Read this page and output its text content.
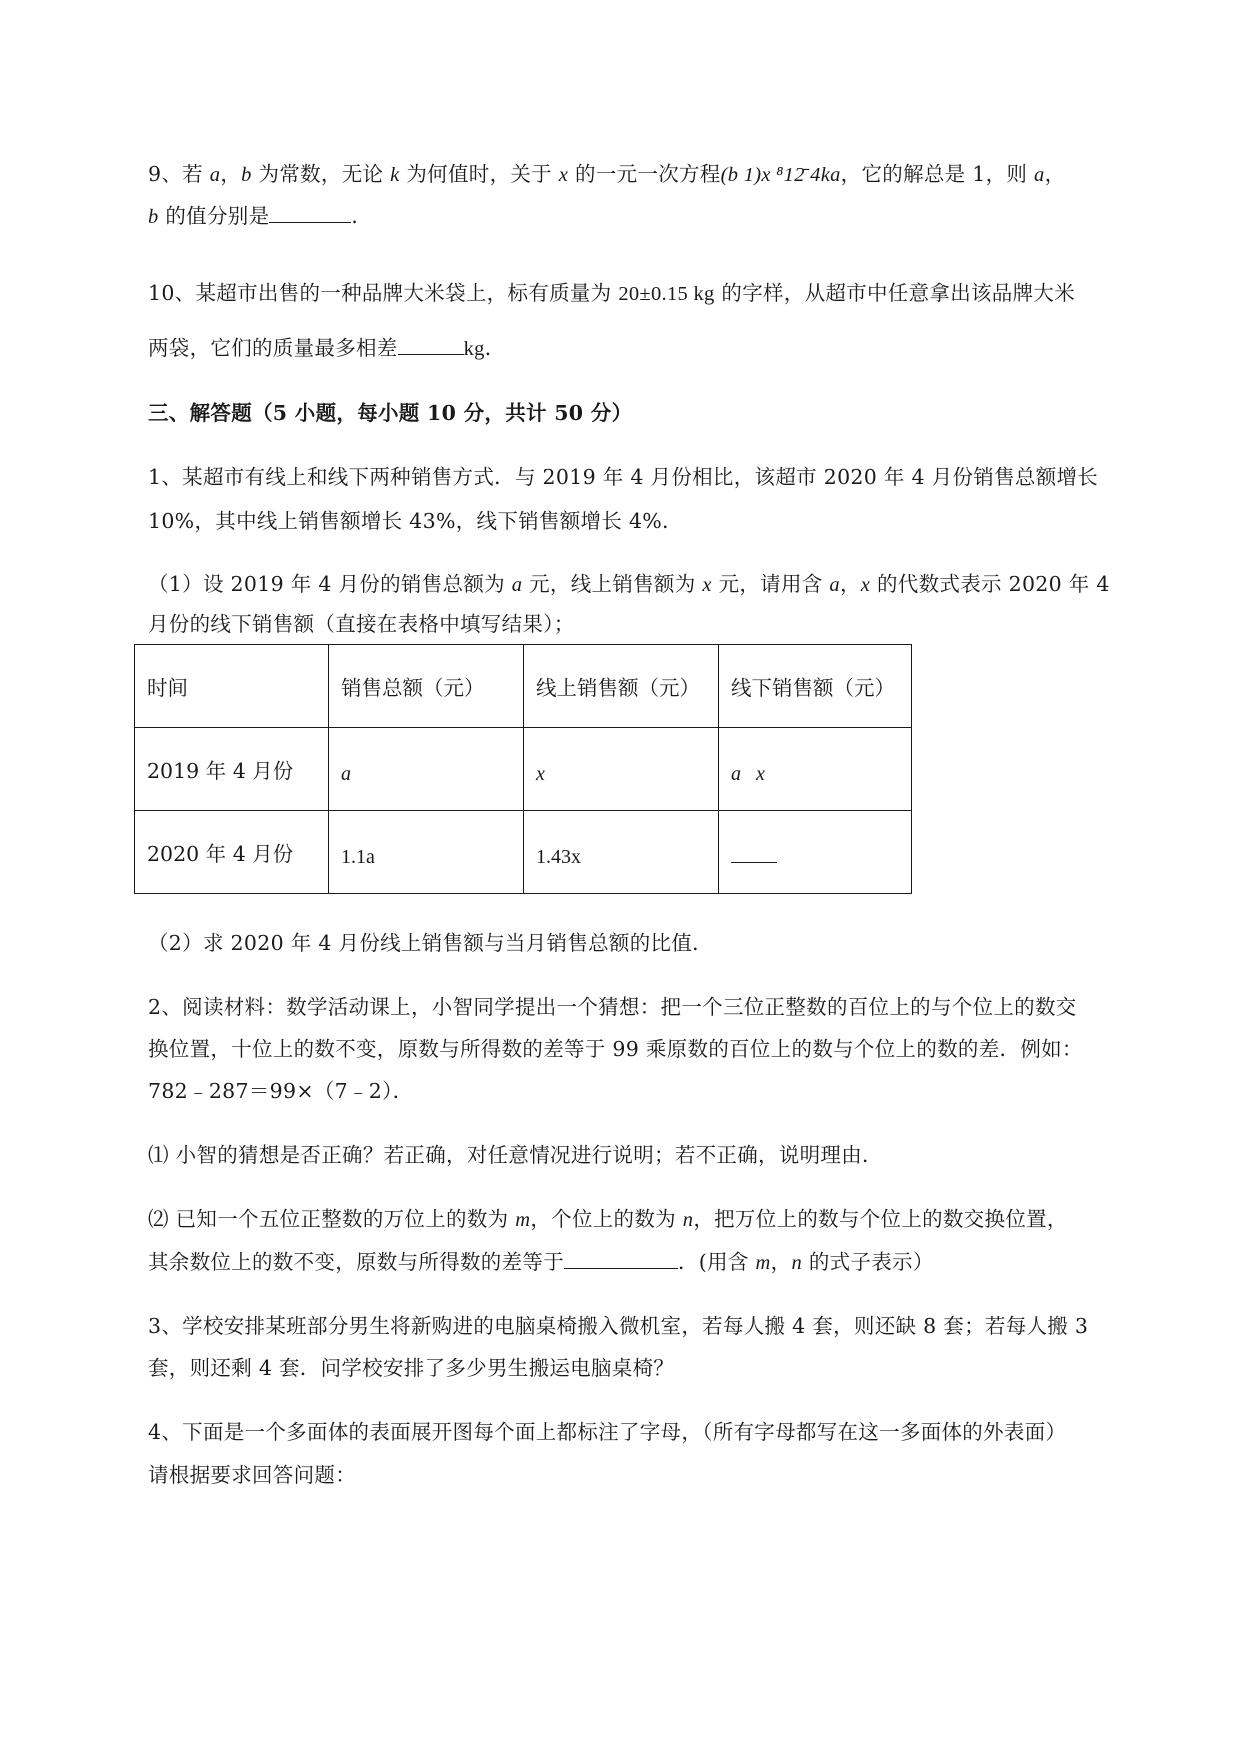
9、若 a，b 为常数，无论 k 为何值时，关于 x 的一元一次方程(b 1)x ⁸12̄ 4ka，它的解总是 1，则 a，
b 的值分别是	．
10、某超市出售的一种品牌大米袋上，标有质量为 20±0.15 kg 的字样，从超市中任意拿出该品牌大米
两袋，它们的质量最多相差	kg．
三、解答题（5 小题，每小题 10 分，共计 50 分）
1、某超市有线上和线下两种销售方式．与 2019 年 4 月份相比，该超市 2020 年 4 月份销售总额增长
10%，其中线上销售额增长 43%，线下销售额增长 4%．
（1）设 2019 年 4 月份的销售总额为 a 元，线上销售额为 x 元，请用含 a，x 的代数式表示 2020 年 4
月份的线下销售额（直接在表格中填写结果）；
时间	销售总额（元）	线上销售额（元）	线下销售额（元）
2019 年 4 月份	a	x	a   x
2020 年 4 月份	1.1a	1.43x	
（2）求 2020 年 4 月份线上销售额与当月销售总额的比值．
2、阅读材料：数学活动课上，小智同学提出一个猜想：把一个三位正整数的百位上的与个位上的数交
换位置，十位上的数不变，原数与所得数的差等于 99 乘原数的百位上的数与个位上的数的差．例如：
782﹣287＝99×（7﹣2）．
⑴ 小智的猜想是否正确？若正确，对任意情况进行说明；若不正确，说明理由．
⑵ 已知一个五位正整数的万位上的数为 m，个位上的数为 n，把万位上的数与个位上的数交换位置，
其余数位上的数不变，原数与所得数的差等于	．(用含 m，n 的式子表示）
3、学校安排某班部分男生将新购进的电脑桌椅搬入微机室，若每人搬 4 套，则还缺 8 套；若每人搬 3
套，则还剩 4 套．问学校安排了多少男生搬运电脑桌椅？
4、下面是一个多面体的表面展开图每个面上都标注了字母，（所有字母都写在这一多面体的外表面）
请根据要求回答问题：
